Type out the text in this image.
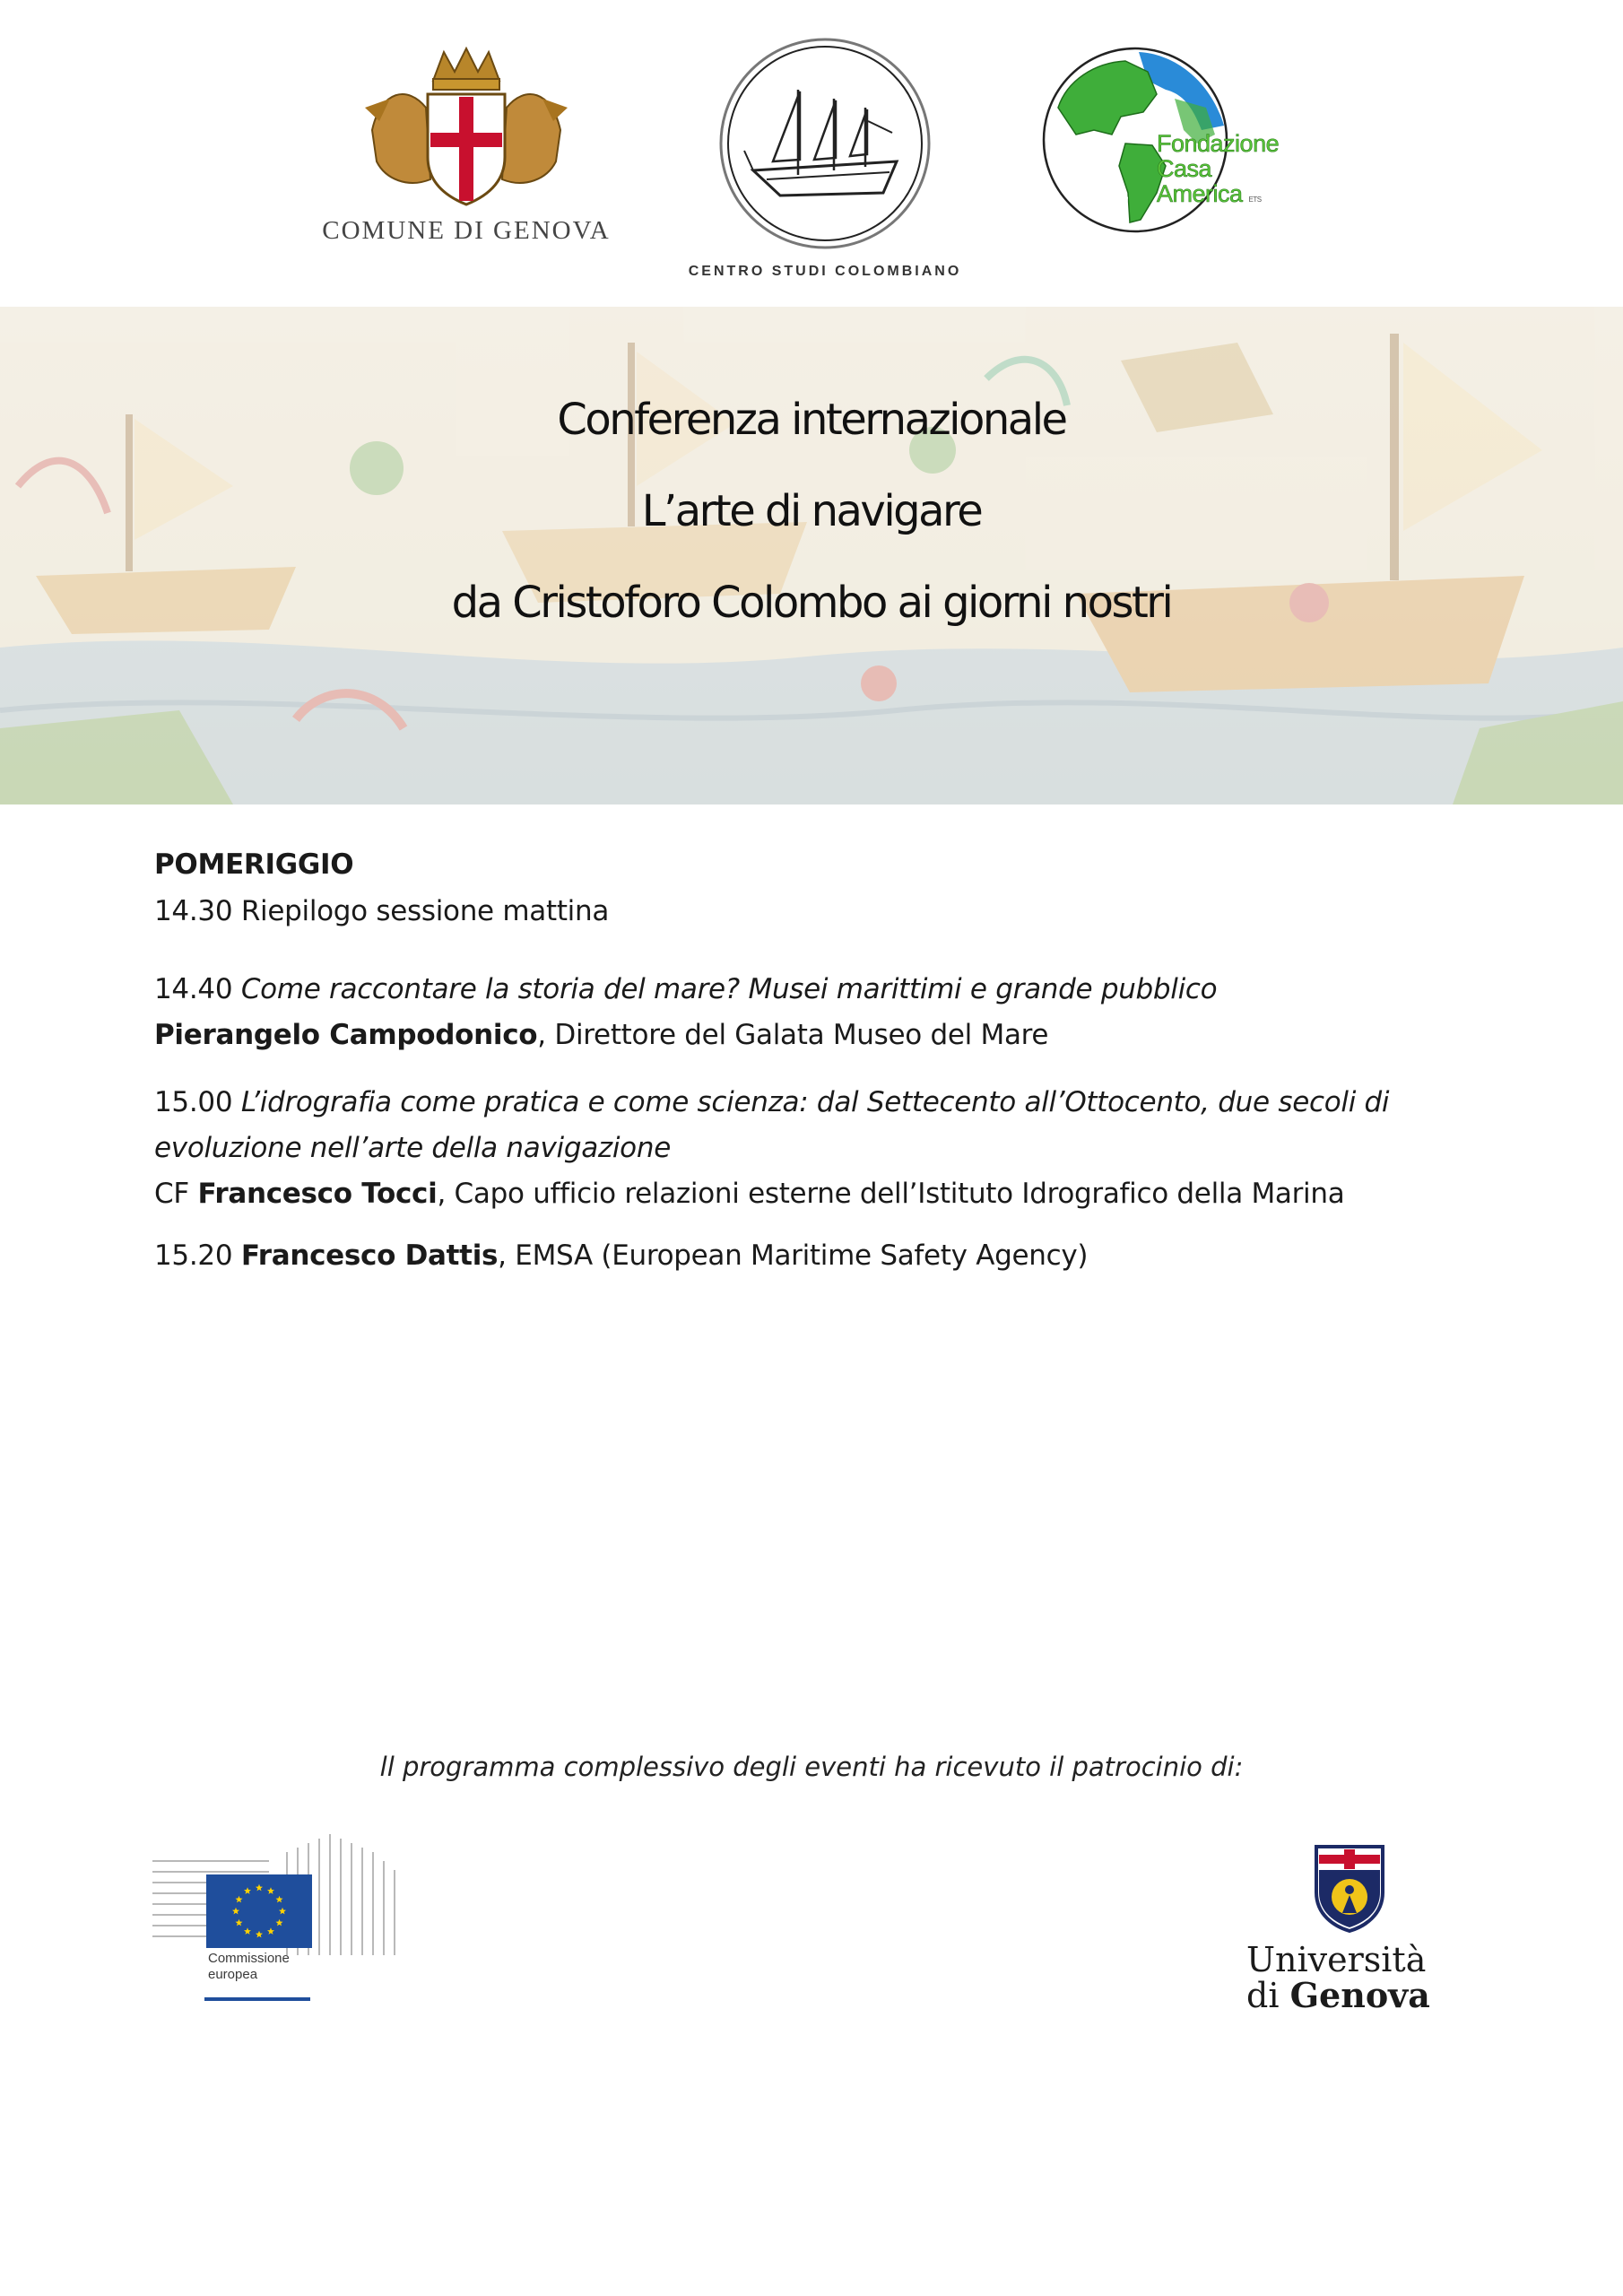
COMUNE DI GENOVA
CENTRO STUDI COLOMBIANO
Fondazione
Casa
America ETS
Conferenza internazionale
L’arte di navigare
da Cristoforo Colombo ai giorni nostri
POMERIGGIO
14.30 Riepilogo sessione mattina
14.40 Come raccontare la storia del mare? Musei marittimi e grande pubblico
Pierangelo Campodonico, Direttore del Galata Museo del Mare
15.00 L’idrografia come pratica e come scienza: dal Settecento all’Ottocento, due secoli di
evoluzione nell’arte della navigazione
CF Francesco Tocci, Capo ufficio relazioni esterne dell’Istituto Idrografico della Marina
15.20 Francesco Dattis, EMSA (European Maritime Safety Agency)
ll programma complessivo degli eventi ha ricevuto il patrocinio di:
Commissione
europea	Università
di Genova
